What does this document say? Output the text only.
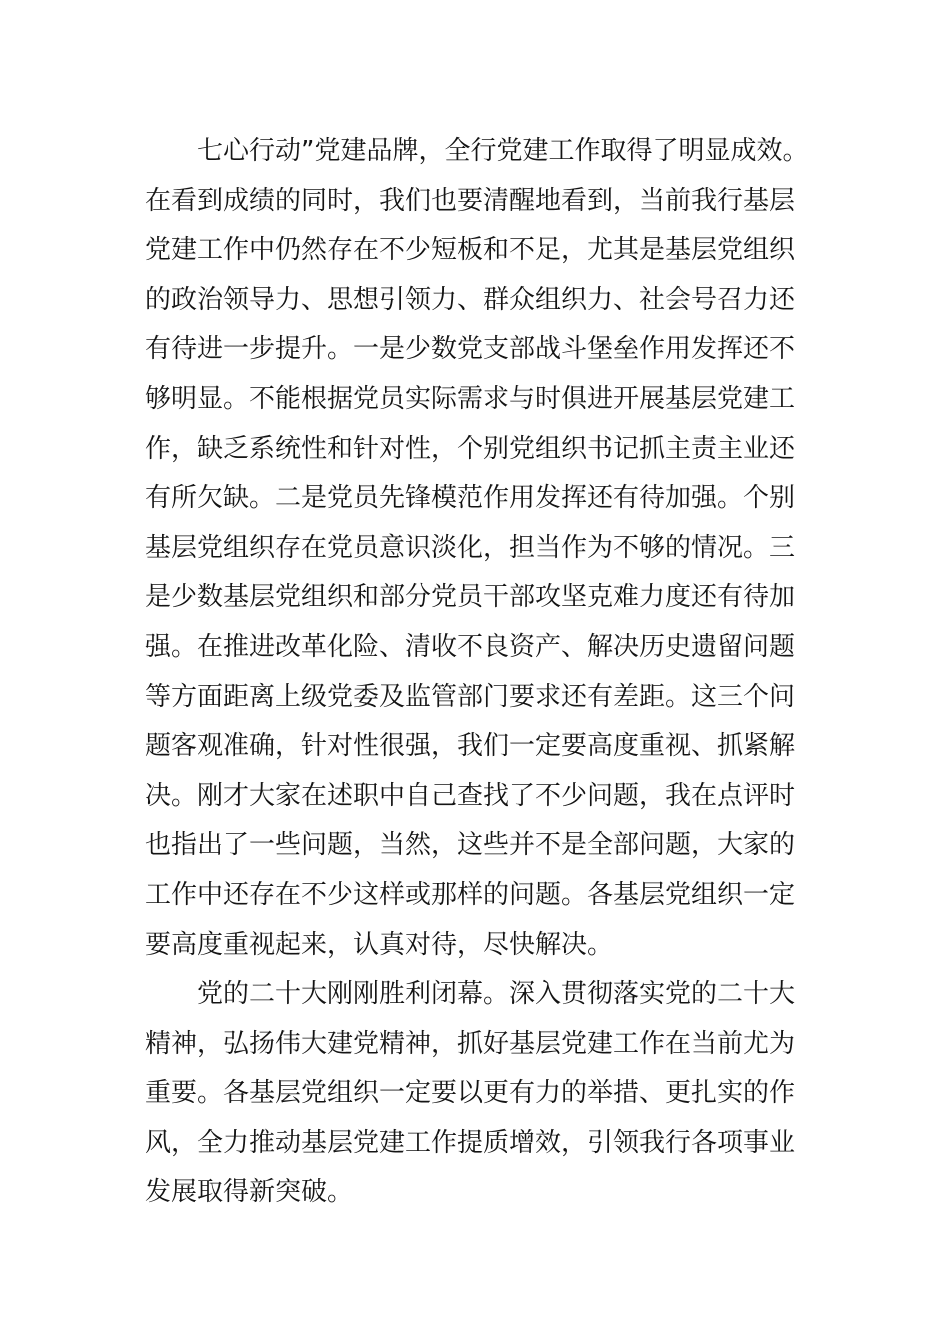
七心行动”党建品牌，全行党建工作取得了明显成效。
在看到成绩的同时，我们也要清醒地看到，当前我行基层
党建工作中仍然存在不少短板和不足，尤其是基层党组织
的政治领导力、思想引领力、群众组织力、社会号召力还
有待进一步提升。一是少数党支部战斗堡垒作用发挥还不
够明显。不能根据党员实际需求与时俱进开展基层党建工
作，缺乏系统性和针对性，个别党组织书记抓主责主业还
有所欠缺。二是党员先锋模范作用发挥还有待加强。个别
基层党组织存在党员意识淡化，担当作为不够的情况。三
是少数基层党组织和部分党员干部攻坚克难力度还有待加
强。在推进改革化险、清收不良资产、解决历史遗留问题
等方面距离上级党委及监管部门要求还有差距。这三个问
题客观准确，针对性很强，我们一定要高度重视、抓紧解
决。刚才大家在述职中自己查找了不少问题，我在点评时
也指出了一些问题，当然，这些并不是全部问题，大家的
工作中还存在不少这样或那样的问题。各基层党组织一定
要高度重视起来，认真对待，尽快解决。
党的二十大刚刚胜利闭幕。深入贯彻落实党的二十大
精神，弘扬伟大建党精神，抓好基层党建工作在当前尤为
重要。各基层党组织一定要以更有力的举措、更扎实的作
风，全力推动基层党建工作提质增效，引领我行各项事业
发展取得新突破。
